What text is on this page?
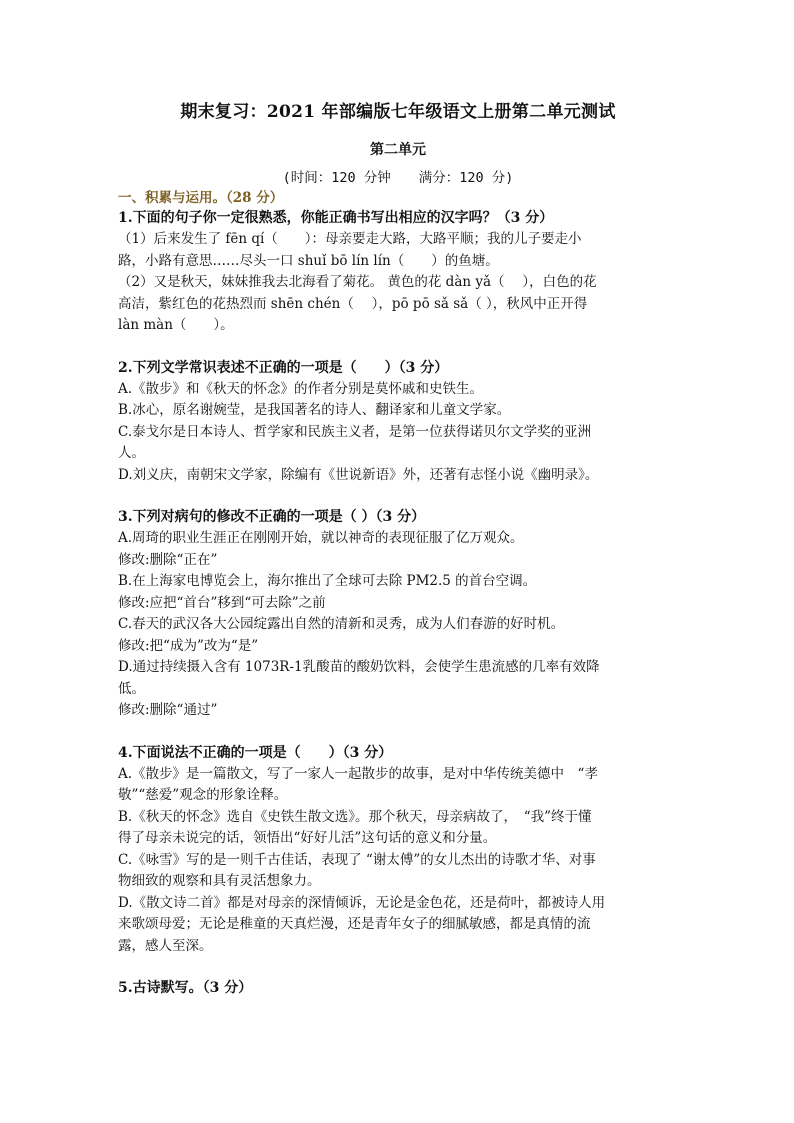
期末复习：2021 年部编版七年级语文上册第二单元测试
第二单元
(时间：120 分钟 满分：120 分)
一、积累与运用。（28 分）
1.下面的句子你一定很熟悉，你能正确书写出相应的汉字吗？（3 分）
（1）后来发生了 fēn qí（　　）：母亲要走大路，大路平顺；我的儿子要走小
路，小路有意思……尽头一口 shuǐ bō lín lín（　　）的鱼塘。
（2）又是秋天，妹妹推我去北海看了菊花。 黄色的花 dàn yǎ（　 ），白色的花
高洁，紫红色的花热烈而 shēn chén（　 ），pō pō sǎ sǎ（ ），秋风中正开得
làn màn（　　）。
2.下列文学常识表述不正确的一项是（　　）（3 分）
A.《散步》和《秋天的怀念》的作者分别是莫怀戚和史铁生。
B.冰心，原名谢婉莹，是我国著名的诗人、翻译家和儿童文学家。
C.泰戈尔是日本诗人、哲学家和民族主义者，是第一位获得诺贝尔文学奖的亚洲
人。
D.刘义庆，南朝宋文学家，除编有《世说新语》外，还著有志怪小说《幽明录》。
3.下列对病句的修改不正确的一项是（ ）（3 分）
A.周琦的职业生涯正在刚刚开始，就以神奇的表现征服了亿万观众。
修改:删除“正在”
B.在上海家电博览会上，海尔推出了全球可去除 PM2.5 的首台空调。
修改:应把“首台”移到“可去除”之前
C.春天的武汉各大公园绽露出自然的清新和灵秀，成为人们春游的好时机。
修改:把“成为”改为“是”
D.通过持续摄入含有 1073R-1乳酸苗的酸奶饮料，会使学生患流感的几率有效降
低。
修改:删除“通过”
4.下面说法不正确的一项是（　　）（3 分）
A.《散步》是一篇散文，写了一家人一起散步的故事，是对中华传统美德中　“孝
敬”“慈爱”观念的形象诠释。
B.《秋天的怀念》选自《史铁生散文选》。那个秋天，母亲病故了，　“我”终于懂
得了母亲未说完的话，领悟出“好好儿活”这句话的意义和分量。
C.《咏雪》写的是一则千古佳话，表现了 “谢太傅”的女儿杰出的诗歌才华、对事
物细致的观察和具有灵活想象力。
D.《散文诗二首》都是对母亲的深情倾诉，无论是金色花，还是荷叶，都被诗人用
来歌颂母爱；无论是稚童的天真烂漫，还是青年女子的细腻敏感，都是真情的流
露，感人至深。
5.古诗默写。（3 分）
